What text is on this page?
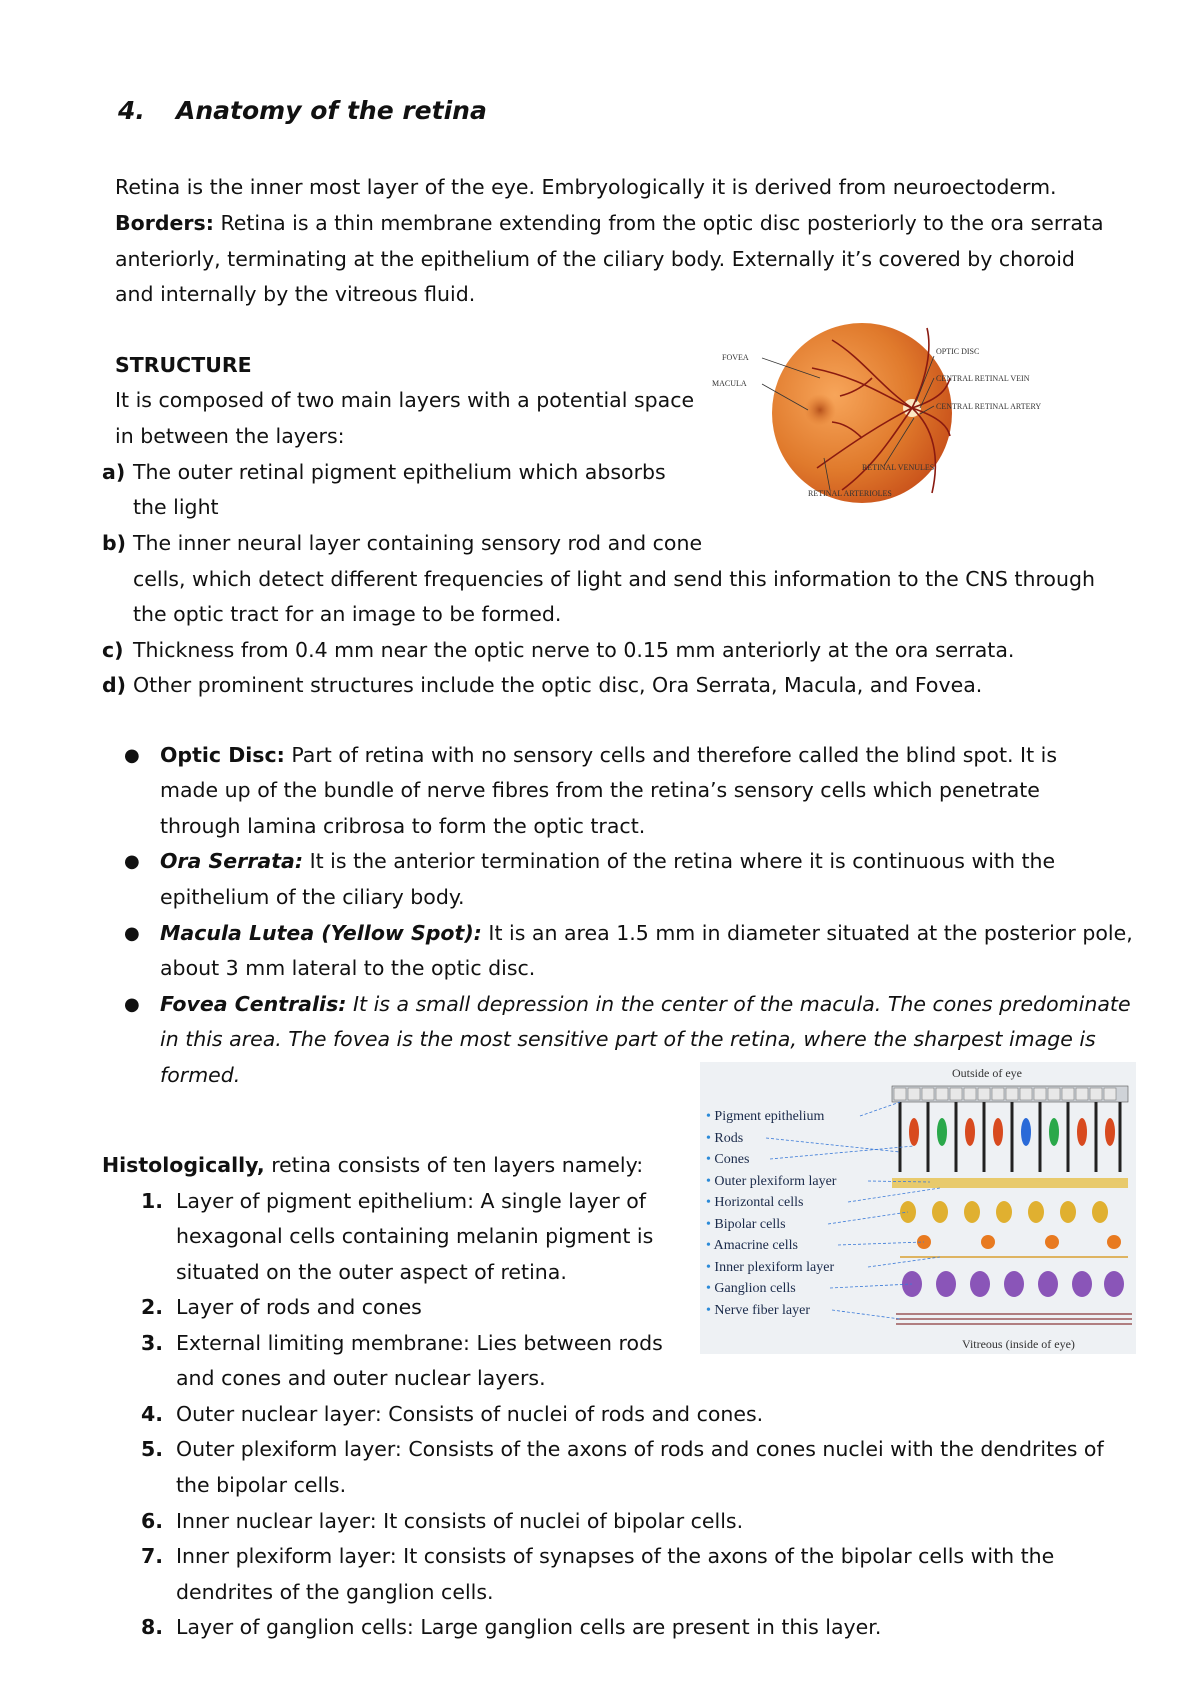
4. Anatomy of the retina
Retina is the inner most layer of the eye. Embryologically it is derived from neuroectoderm.
Borders: Retina is a thin membrane extending from the optic disc posteriorly to the ora serrata
anteriorly, terminating at the epithelium of the ciliary body. Externally it’s covered by choroid
and internally by the vitreous fluid.
STRUCTURE
It is composed of two main layers with a potential space
in between the layers:
a) The outer retinal pigment epithelium which absorbs
the light
b) The inner neural layer containing sensory rod and cone
cells, which detect different frequencies of light and send this information to the CNS through
the optic tract for an image to be formed.
c) Thickness from 0.4 mm near the optic nerve to 0.15 mm anteriorly at the ora serrata.
d) Other prominent structures include the optic disc, Ora Serrata, Macula, and Fovea.
FOVEA
MACULA
OPTIC DISC
CENTRAL RETINAL VEIN
CENTRAL RETINAL ARTERY
RETINAL VENULES
RETINAL ARTERIOLES
● Optic Disc: Part of retina with no sensory cells and therefore called the blind spot. It is
made up of the bundle of nerve fibres from the retina’s sensory cells which penetrate
through lamina cribrosa to form the optic tract.
● Ora Serrata: It is the anterior termination of the retina where it is continuous with the
epithelium of the ciliary body.
● Macula Lutea (Yellow Spot): It is an area 1.5 mm in diameter situated at the posterior pole,
about 3 mm lateral to the optic disc.
● Fovea Centralis: It is a small depression in the center of the macula. The cones predominate
in this area. The fovea is the most sensitive part of the retina, where the sharpest image is
formed.	Outside of eye
• Pigment epithelium
• Rods
• Cones
• Outer plexiform layer
• Horizontal cells
• Bipolar cells
• Amacrine cells
• Inner plexiform layer
• Ganglion cells
• Nerve fiber layer
Vitreous (inside of eye)
Histologically, retina consists of ten layers namely:
1. Layer of pigment epithelium: A single layer of
hexagonal cells containing melanin pigment is
situated on the outer aspect of retina.
2. Layer of rods and cones
3. External limiting membrane: Lies between rods
and cones and outer nuclear layers.
4. Outer nuclear layer: Consists of nuclei of rods and cones.
5. Outer plexiform layer: Consists of the axons of rods and cones nuclei with the dendrites of
the bipolar cells.
6. Inner nuclear layer: It consists of nuclei of bipolar cells.
7. Inner plexiform layer: It consists of synapses of the axons of the bipolar cells with the
dendrites of the ganglion cells.
8. Layer of ganglion cells: Large ganglion cells are present in this layer.
